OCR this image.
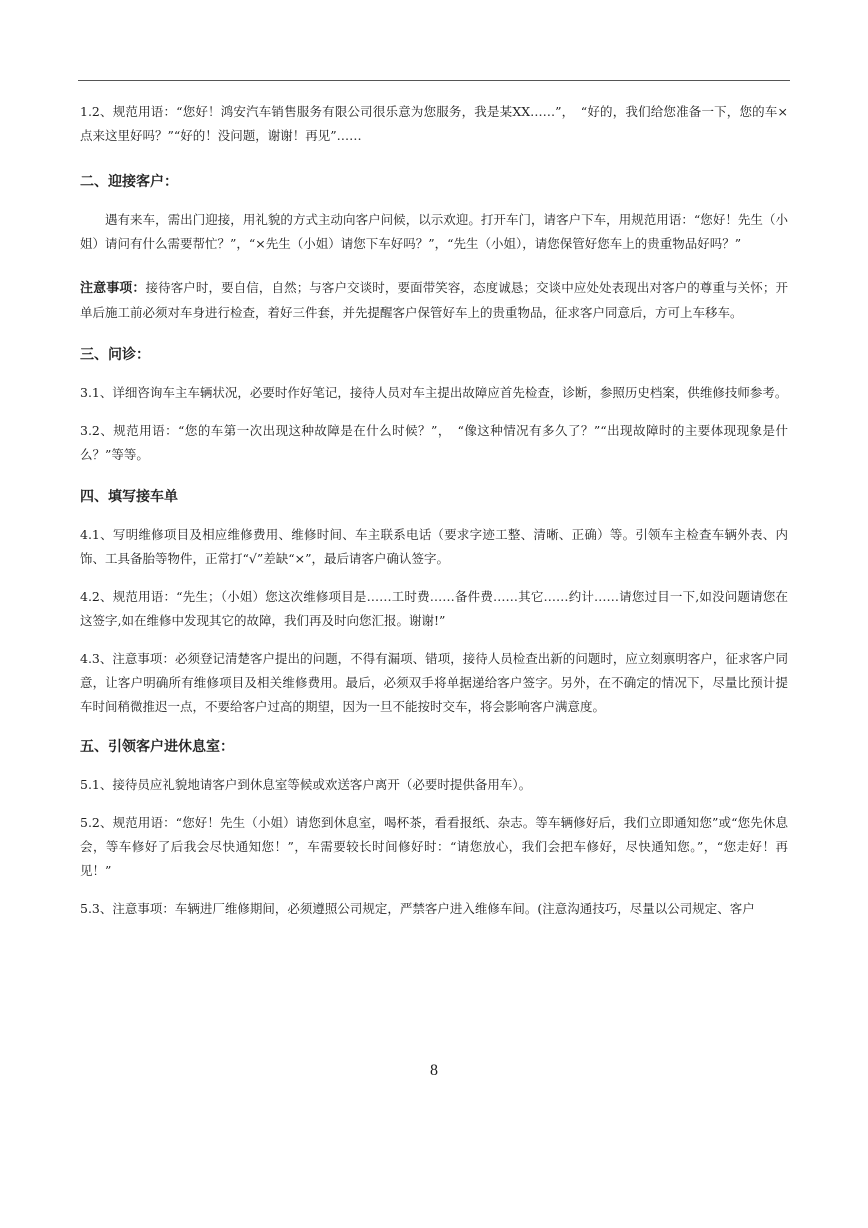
1.2、规范用语：“您好！鸿安汽车销售服务有限公司很乐意为您服务，我是某XX……”，　“好的，我们给您准备一下，您的车×点来这里好吗？”“好的！没问题，谢谢！再见”……

二、迎接客户：

遇有来车，需出门迎接，用礼貌的方式主动向客户问候，以示欢迎。打开车门，请客户下车，用规范用语：“您好！先生（小姐）请问有什么需要帮忙？”，“×先生（小姐）请您下车好吗？”，“先生（小姐），请您保管好您车上的贵重物品好吗？”

注意事项：接待客户时，要自信，自然；与客户交谈时，要面带笑容，态度诚恳；交谈中应处处表现出对客户的尊重与关怀；开单后施工前必须对车身进行检查，着好三件套，并先提醒客户保管好车上的贵重物品，征求客户同意后，方可上车移车。

三、问诊：

3.1、详细咨询车主车辆状况，必要时作好笔记，接待人员对车主提出故障应首先检查，诊断，参照历史档案，供维修技师参考。

3.2、规范用语：“您的车第一次出现这种故障是在什么时候？”，　“像这种情况有多久了？”“出现故障时的主要体现现象是什么？”等等。

四、填写接车单

4.1、写明维修项目及相应维修费用、维修时间、车主联系电话（要求字迹工整、清晰、正确）等。引领车主检查车辆外表、内饰、工具备胎等物件，正常打“√”差缺“×”，最后请客户确认签字。

4.2、规范用语：“先生；（小姐）您这次维修项目是……工时费……备件费……其它……约计……请您过目一下,如没问题请您在这签字,如在维修中发现其它的故障，我们再及时向您汇报。谢谢!”

4.3、注意事项：必须登记清楚客户提出的问题，不得有漏项、错项，接待人员检查出新的问题时，应立刻禀明客户，征求客户同意，让客户明确所有维修项目及相关维修费用。最后，必须双手将单据递给客户签字。另外，在不确定的情况下，尽量比预计提车时间稍微推迟一点，不要给客户过高的期望，因为一旦不能按时交车，将会影响客户满意度。

五、引领客户进休息室：

5.1、接待员应礼貌地请客户到休息室等候或欢送客户离开（必要时提供备用车）。

5.2、规范用语：“您好！先生（小姐）请您到休息室，喝杯茶，看看报纸、杂志。等车辆修好后，我们立即通知您”或“您先休息会，等车修好了后我会尽快通知您！”，车需要较长时间修好时：“请您放心，我们会把车修好，尽快通知您。”，“您走好！再见！”

5.3、注意事项：车辆进厂维修期间，必须遵照公司规定，严禁客户进入维修车间。(注意沟通技巧，尽量以公司规定、客户

8
